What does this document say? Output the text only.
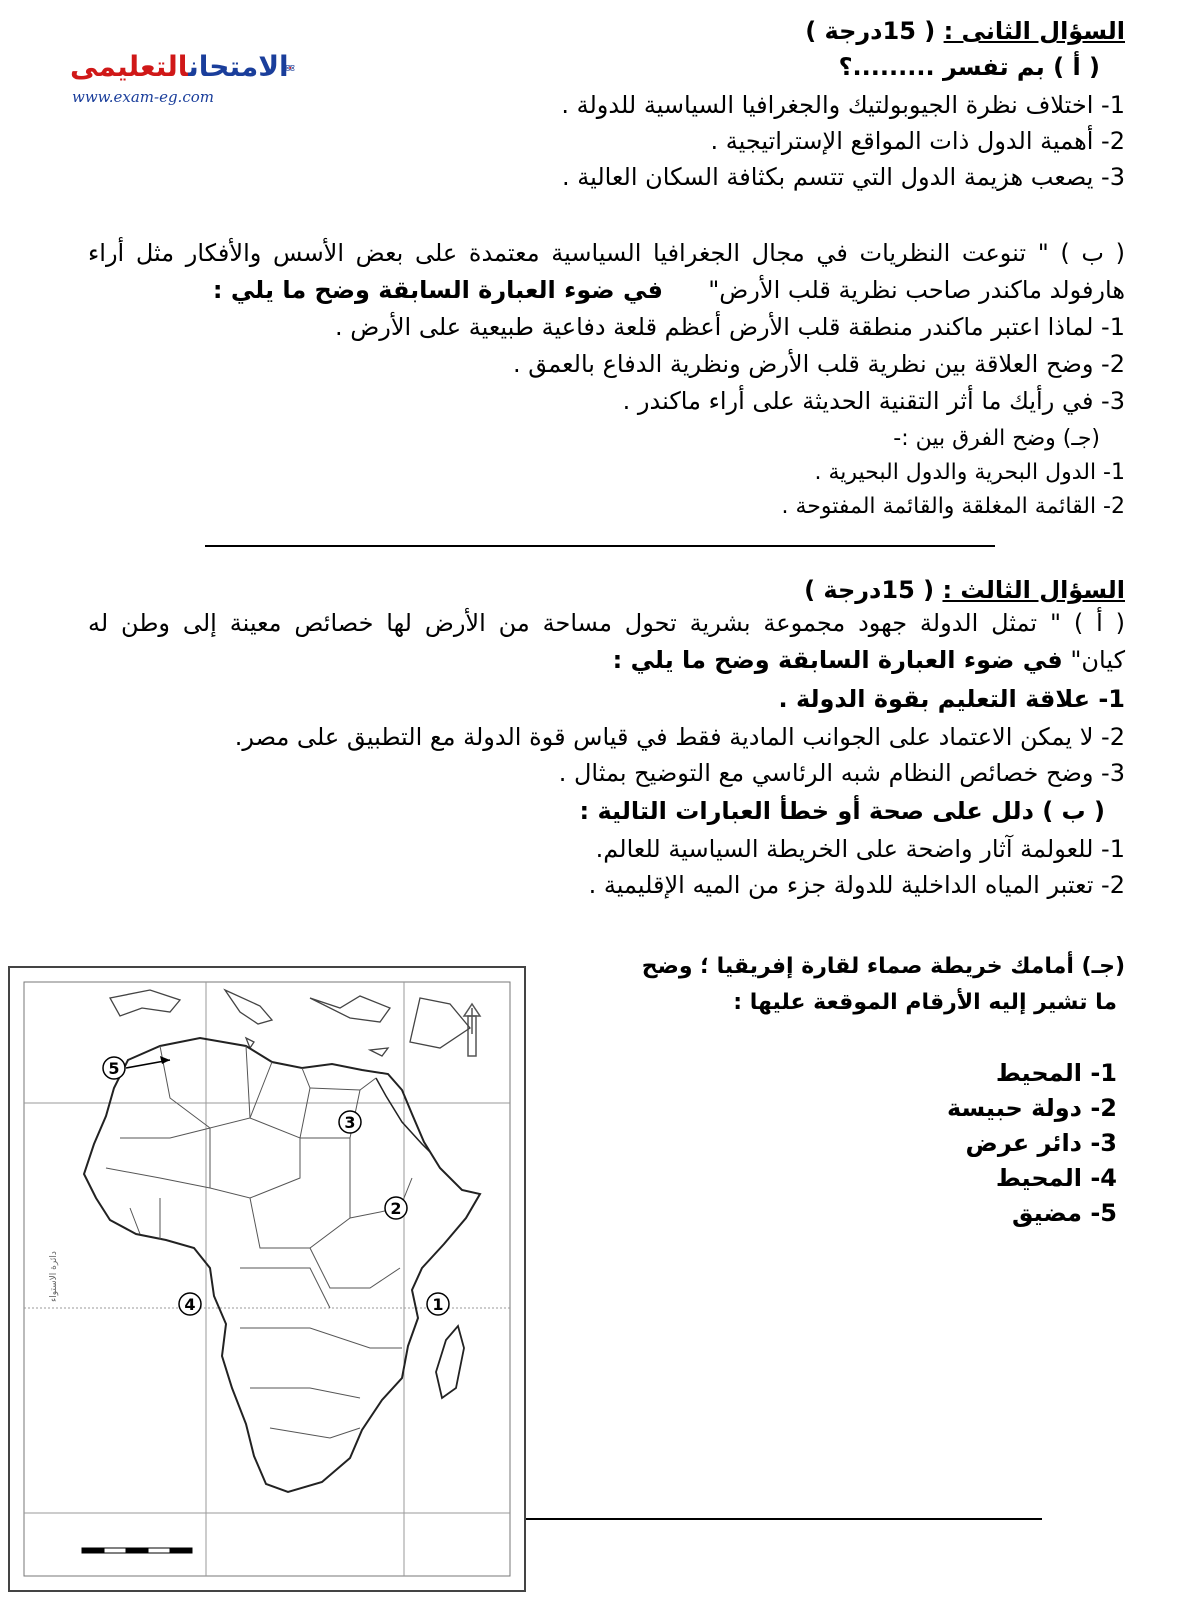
الامتحانالتعليمى
www.exam-eg.com
السؤال الثانى : ( 15درجة )
( أ ) بم تفسر .........؟
1- اختلاف نظرة الجيوبولتيك والجغرافيا السياسية للدولة .
2- أهمية الدول ذات المواقع الإستراتيجية .
3- يصعب هزيمة الدول التي تتسم بكثافة السكان العالية .
( ب ) " تنوعت النظريات في مجال الجغرافيا السياسية معتمدة على بعض الأسس والأفكار مثل أراء
هارفولد ماكندر صاحب نظرية قلب الأرض"  في ضوء العبارة السابقة وضح ما يلي :
1- لماذا اعتبر ماكندر منطقة قلب الأرض أعظم قلعة دفاعية طبيعية على الأرض .
2- وضح العلاقة بين نظرية قلب الأرض ونظرية الدفاع بالعمق .
3- في رأيك ما أثر التقنية الحديثة على أراء ماكندر .
(جـ) وضح الفرق بين :-
1- الدول البحرية والدول البحيرية .
2- القائمة المغلقة والقائمة المفتوحة .
السؤال الثالث : ( 15درجة )
( أ ) " تمثل الدولة جهود مجموعة بشرية تحول مساحة من الأرض لها خصائص معينة إلى وطن له
كيان" في ضوء العبارة السابقة وضح ما يلي :
1- علاقة التعليم بقوة الدولة .
2- لا يمكن الاعتماد على الجوانب المادية فقط في قياس قوة الدولة مع التطبيق على مصر.
3- وضح خصائص النظام شبه الرئاسي مع التوضيح بمثال .
( ب ) دلل على صحة أو خطأ العبارات التالية :
1- للعولمة آثار واضحة على الخريطة السياسية للعالم.
2- تعتبر المياه الداخلية للدولة جزء من الميه الإقليمية .
(جـ) أمامك خريطة صماء لقارة إفريقيا ؛ وضح
ما تشير إليه الأرقام الموقعة عليها :
1- المحيط
2- دولة حبيسة
3- دائر عرض
4- المحيط
5- مضيق
دائرة الاستواء
5
3
2
4	1
